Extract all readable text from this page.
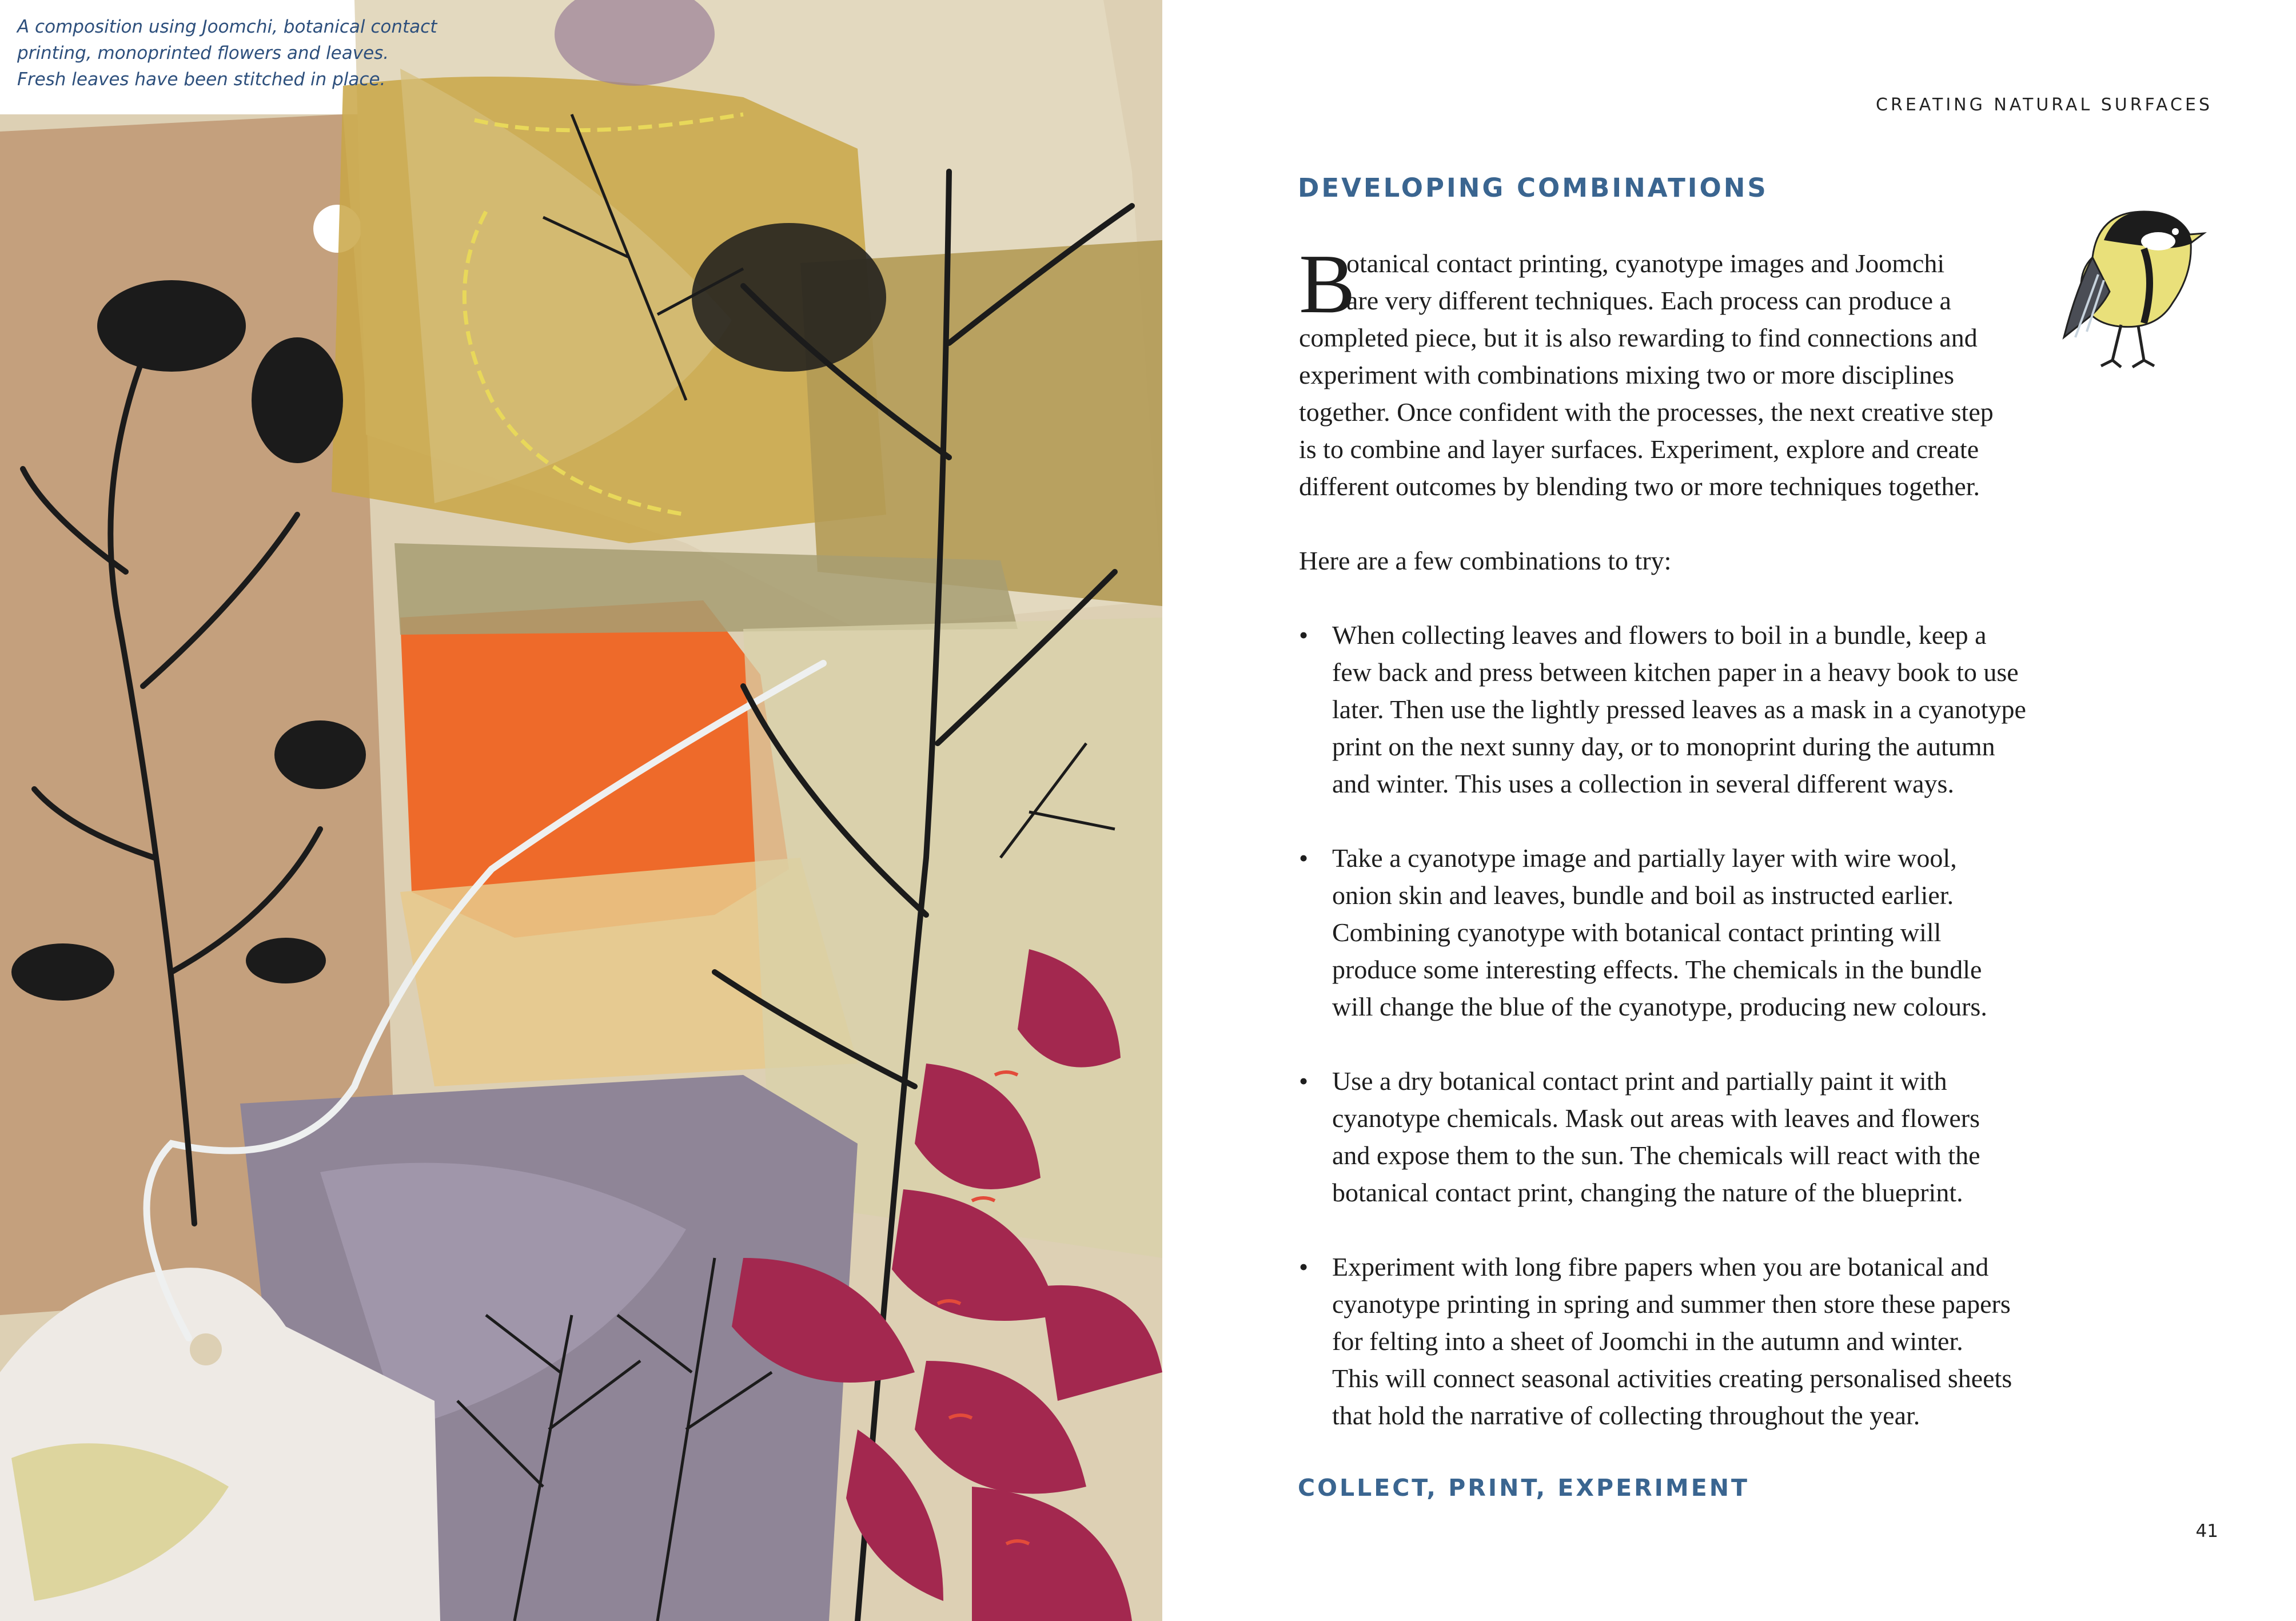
A composition using Joomchi, botanical contact
printing, monoprinted flowers and leaves.
Fresh leaves have been stitched in place.

CREATING NATURAL SURFACES
DEVELOPING COMBINATIONS
B
otanical contact printing, cyanotype images and Joomchi
are very different techniques. Each process can produce a
completed piece, but it is also rewarding to find connections and
experiment with combinations mixing two or more disciplines
together. Once confident with the processes, the next creative step
is to combine and layer surfaces. Experiment, explore and create
different outcomes by blending two or more techniques together.
Here are a few combinations to try:
• When collecting leaves and flowers to boil in a bundle, keep a
few back and press between kitchen paper in a heavy book to use
later. Then use the lightly pressed leaves as a mask in a cyanotype
print on the next sunny day, or to monoprint during the autumn
and winter. This uses a collection in several different ways.
• Take a cyanotype image and partially layer with wire wool,
onion skin and leaves, bundle and boil as instructed earlier.
Combining cyanotype with botanical contact printing will
produce some interesting effects. The chemicals in the bundle
will change the blue of the cyanotype, producing new colours.
• Use a dry botanical contact print and partially paint it with
cyanotype chemicals. Mask out areas with leaves and flowers
and expose them to the sun. The chemicals will react with the
botanical contact print, changing the nature of the blueprint.
• Experiment with long fibre papers when you are botanical and
cyanotype printing in spring and summer then store these papers
for felting into a sheet of Joomchi in the autumn and winter.
This will connect seasonal activities creating personalised sheets
that hold the narrative of collecting throughout the year.
COLLECT, PRINT, EXPERIMENT
41
